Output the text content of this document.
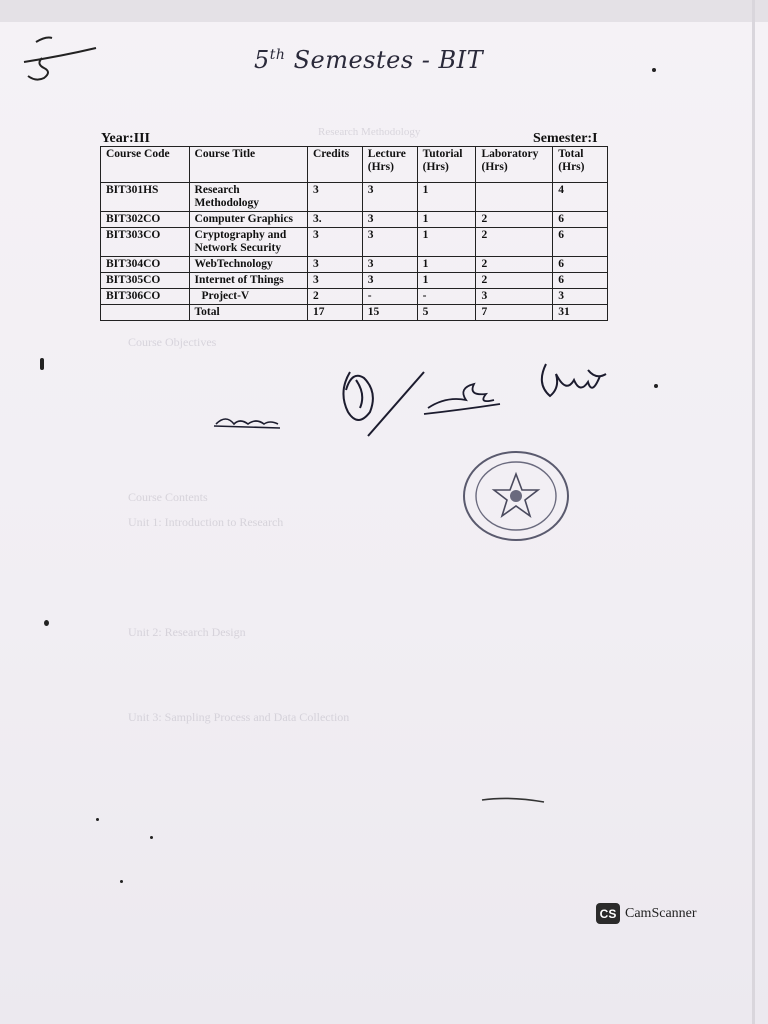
5th Semestes - BIT
Research Methodology
Course Objectives
Course Contents
Unit 1: Introduction to Research
Unit 2: Research Design
Unit 3: Sampling Process and Data Collection
Year:III	Semester:I
Course Code	Course Title	Credits	Lecture (Hrs)	Tutorial (Hrs)	Laboratory (Hrs)	Total (Hrs)
BIT301HS	Research Methodology	3	3	1		4
BIT302CO	Computer Graphics	3.	3	1	2	6
BIT303CO	Cryptography and Network Security	3	3	1	2	6
BIT304CO	WebTechnology	3	3	1	2	6
BIT305CO	Internet of Things	3	3	1	2	6
BIT306CO	Project-V	2	-	-	3	3
	Total	17	15	5	7	31
CS CamScanner
